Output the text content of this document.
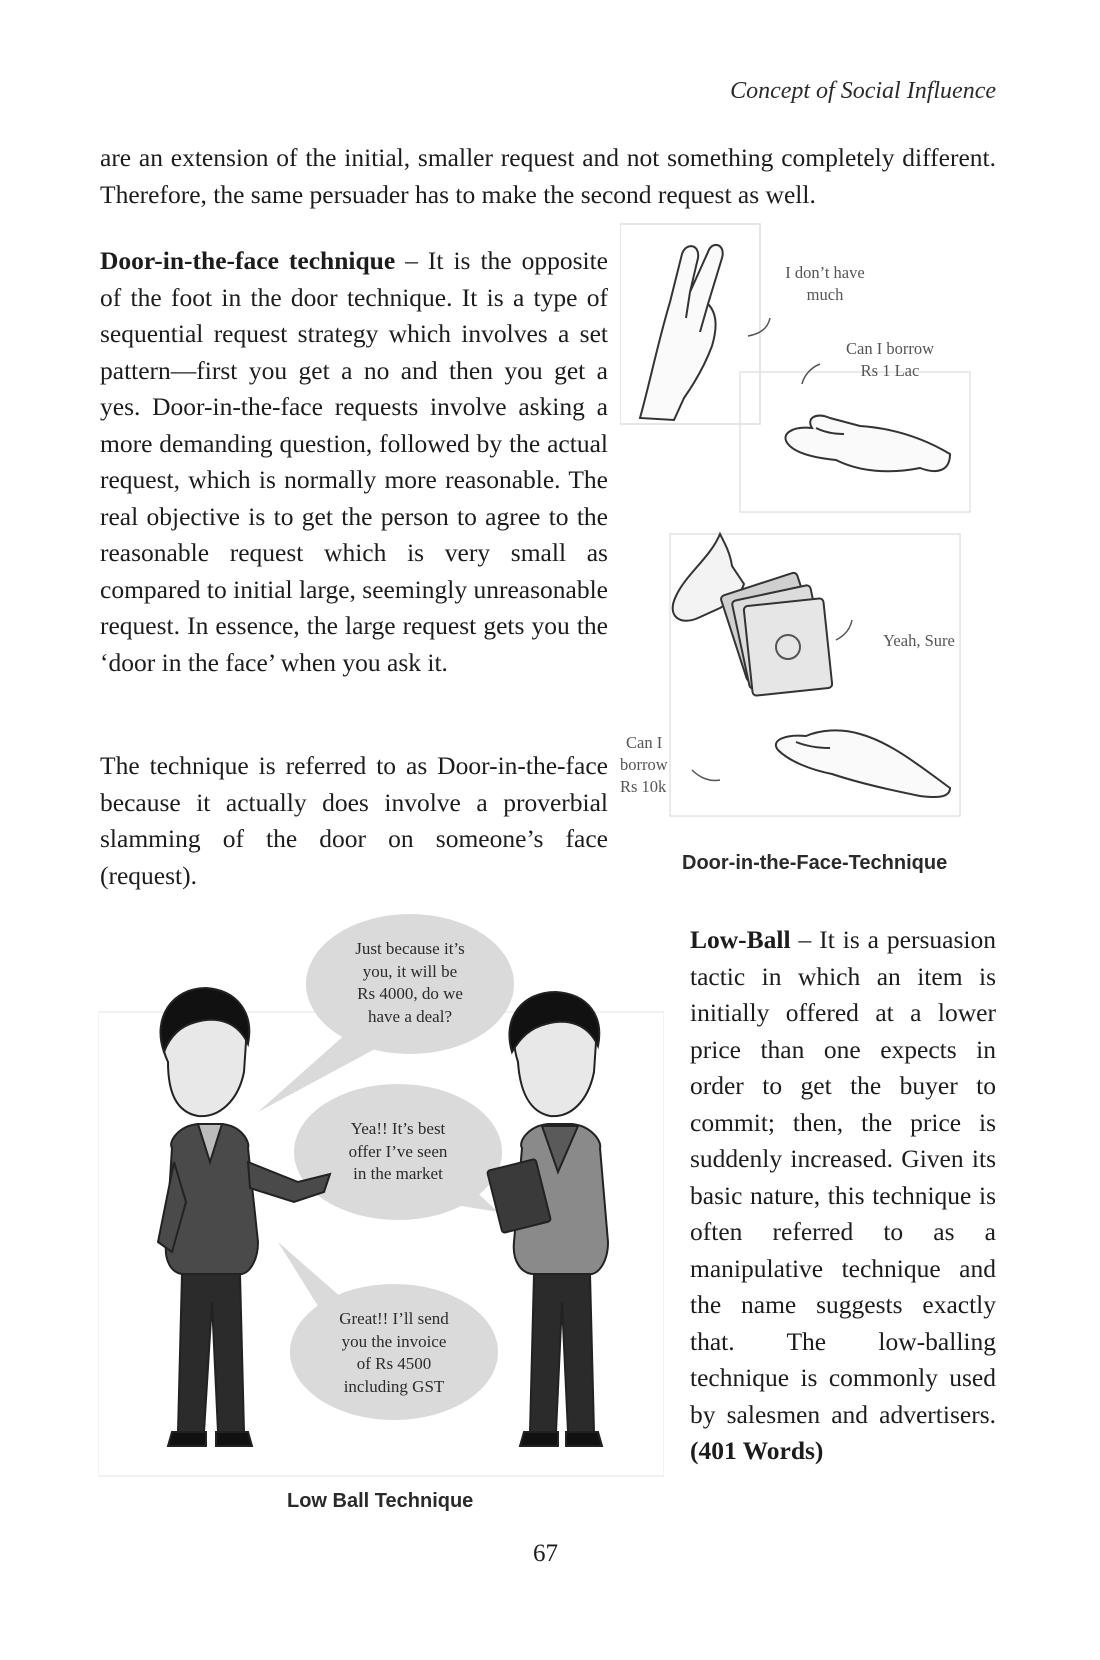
Concept of Social Influence

are an extension of the initial, smaller request and not something completely different. Therefore, the same persuader has to make the second request as well.

Door-in-the-face technique – It is the opposite of the foot in the door technique. It is a type of sequential request strategy which involves a set pattern—first you get a no and then you get a yes. Door-in-the-face requests involve asking a more demanding question, followed by the actual request, which is normally more reasonable. The real objective is to get the person to agree to the reasonable request which is very small as compared to initial large, seemingly unreasonable request. In essence, the large request gets you the ‘door in the face’ when you ask it.

The technique is referred to as Door-in-the-face because it actually does involve a proverbial slamming of the door on someone’s face (request).

I don’t have
much
Can I borrow
Rs 1 Lac
Yeah, Sure
Can I
borrow
Rs 10k
Door-in-the-Face-Technique
Just because it’s
you, it will be
Rs 4000, do we
have a deal?
Yea!! It’s best
offer I’ve seen
in the market
Great!! I’ll send
you the invoice
of Rs 4500
including GST
Low Ball Technique

Low-Ball – It is a persuasion tactic in which an item is initially offered at a lower price than one expects in order to get the buyer to commit; then, the price is suddenly increased. Given its basic nature, this technique is often referred to as a manipulative technique and the name suggests exactly that. The low-balling technique is commonly used by salesmen and advertisers. (401 Words)

67
